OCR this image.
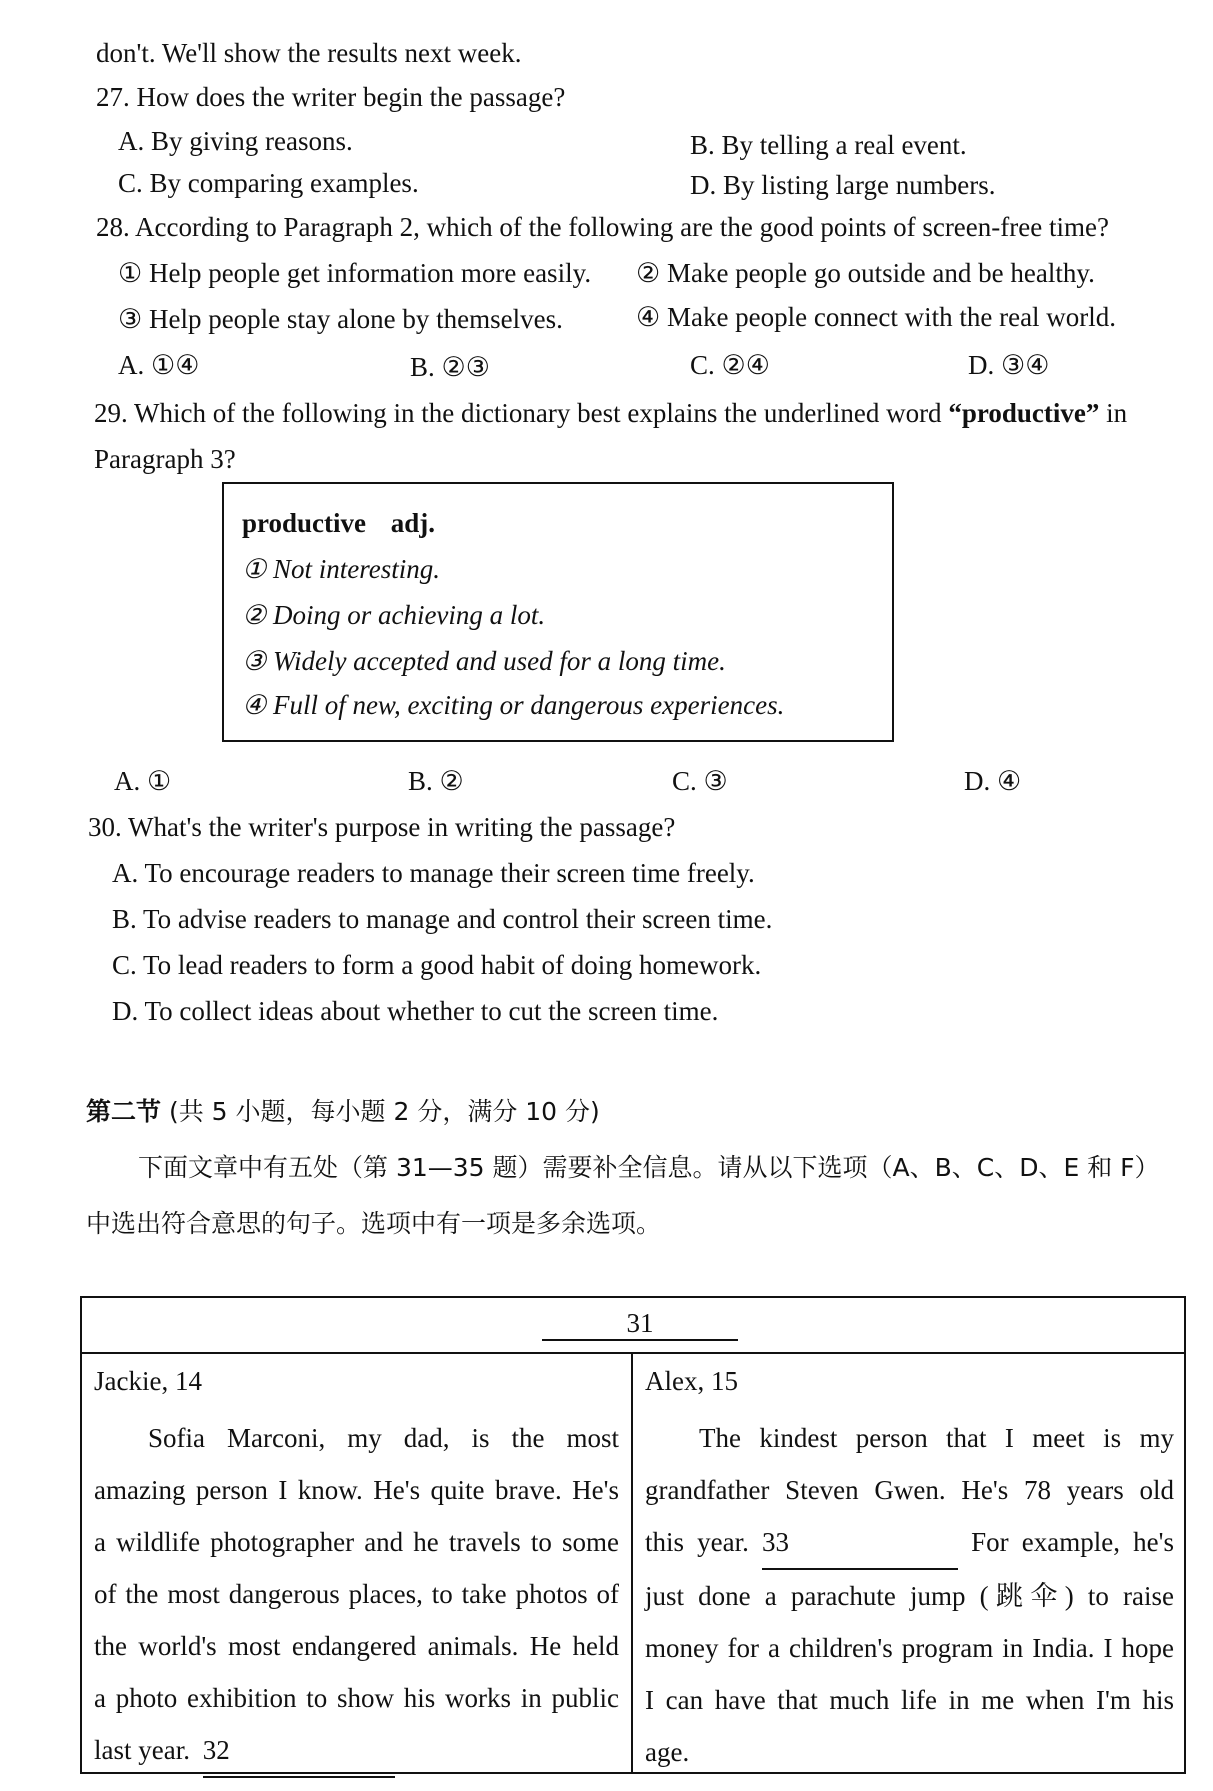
don't. We'll show the results next week.
27. How does the writer begin the passage?
A. By giving reasons.	B. By telling a real event.
C. By comparing examples.	D. By listing large numbers.
28. According to Paragraph 2, which of the following are the good points of screen-free time?
① Help people get information more easily. ② Make people go outside and be healthy.
③ Help people stay alone by themselves.	④ Make people connect with the real world.
A. ①④	B. ②③	C. ②④	D. ③④
29. Which of the following in the dictionary best explains the underlined word “productive” in
Paragraph 3?
productive adj.
① Not interesting.
② Doing or achieving a lot.
③ Widely accepted and used for a long time.
④ Full of new, exciting or dangerous experiences.
A. ①	B. ②	C. ③	D. ④
30. What's the writer's purpose in writing the passage?
A. To encourage readers to manage their screen time freely.
B. To advise readers to manage and control their screen time.
C. To lead readers to form a good habit of doing homework.
D. To collect ideas about whether to cut the screen time.
第二节 (共 5 小题，每小题 2 分，满分 10 分)
下面文章中有五处（第 31—35 题）需要补全信息。请从以下选项（A、B、C、D、E 和 F）
中选出符合意思的句子。选项中有一项是多余选项。
31
Jackie, 14
Sofia Marconi, my dad, is the most
amazing person I know. He's quite brave. He's
a wildlife photographer and he travels to some
of the most dangerous places, to take photos of
the world's most endangered animals. He held
a photo exhibition to show his works in public
last year. 32
Alex, 15
The kindest person that I meet is my
grandfather Steven Gwen. He's 78 years old
this year. 33	For example, he's
just done a parachute jump (跳伞) to raise
money for a children's program in India. I hope
I can have that much life in me when I'm his
age.
